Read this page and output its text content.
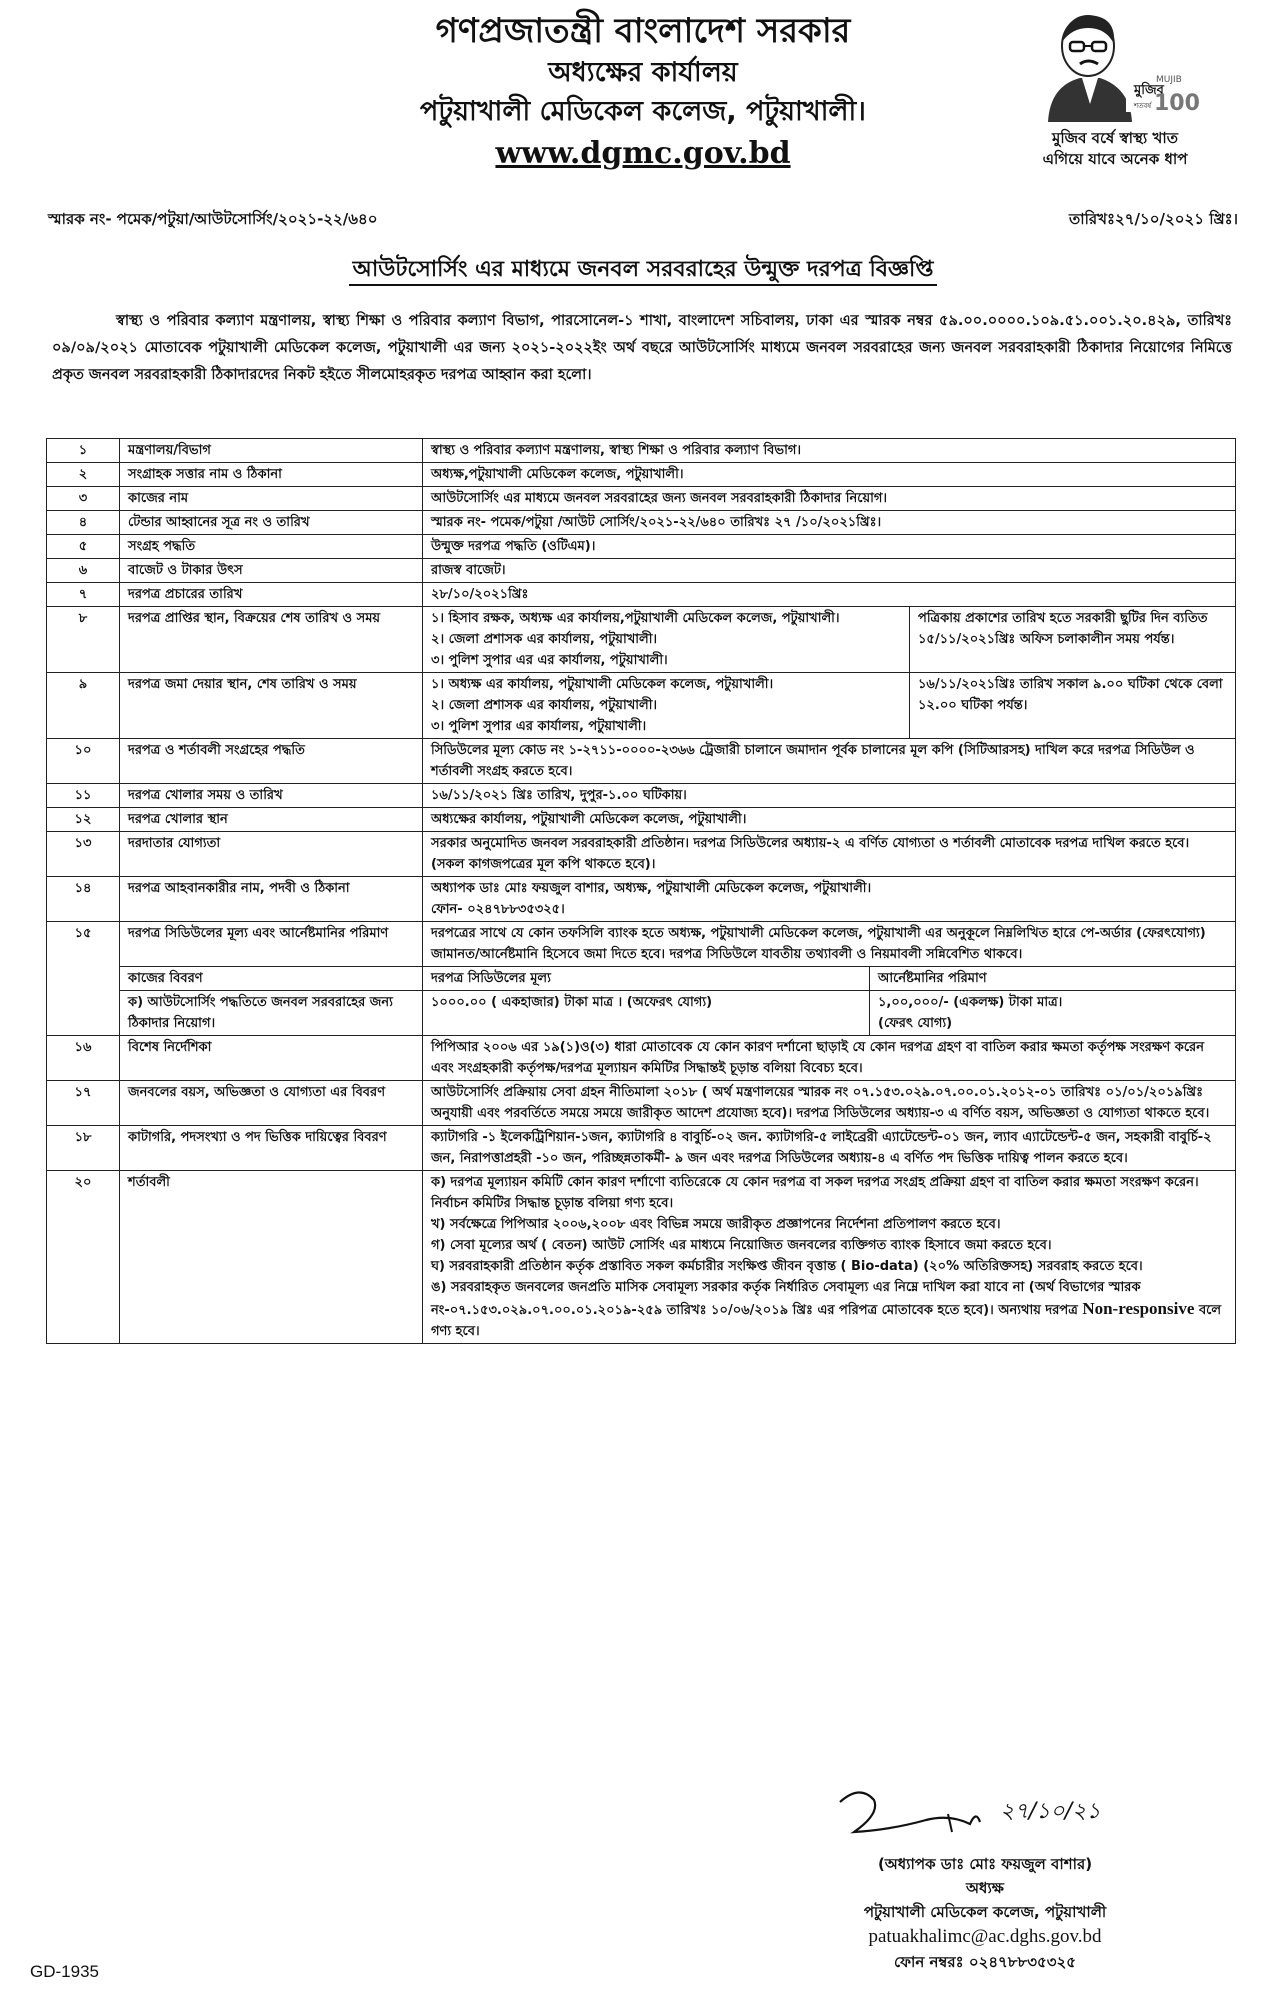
গণপ্রজাতন্ত্রী বাংলাদেশ সরকার
অধ্যক্ষের কার্যালয়
পটুয়াখালী মেডিকেল কলেজ, পটুয়াখালী।
www.dgmc.gov.bd
মুজিব
MUJIB
100
শতবর্ষ
মুজিব বর্ষে স্বাস্থ্য খাত
এগিয়ে যাবে অনেক ধাপ
স্মারক নং- পমেক/পটুয়া/আউটসোর্সিং/২০২১-২২/৬৪০	তারিখঃ২৭/১০/২০২১ খ্রিঃ।
আউটসোর্সিং এর মাধ্যমে জনবল সরবরাহের উন্মুক্ত দরপত্র বিজ্ঞপ্তি
স্বাস্থ্য ও পরিবার কল্যাণ মন্ত্রণালয়, স্বাস্থ্য শিক্ষা ও পরিবার কল্যাণ বিভাগ, পারসোনেল-১ শাখা, বাংলাদেশ সচিবালয়, ঢাকা এর স্মারক নম্বর ৫৯.০০.০০০০.১০৯.৫১.০০১.২০.৪২৯, তারিখঃ ০৯/০৯/২০২১ মোতাবেক পটুয়াখালী মেডিকেল কলেজ, পটুয়াখালী এর জন্য ২০২১-২০২২ইং অর্থ বছরে আউটসোর্সিং মাধ্যমে জনবল সরবরাহের জন্য জনবল সরবরাহকারী ঠিকাদার নিয়োগের নিমিত্তে প্রকৃত জনবল সরবরাহকারী ঠিকাদারদের নিকট হইতে সীলমোহরকৃত দরপত্র আহ্বান করা হলো।
১	মন্ত্রণালয়/বিভাগ	স্বাস্থ্য ও পরিবার কল্যাণ মন্ত্রণালয়, স্বাস্থ্য শিক্ষা ও পরিবার কল্যাণ বিভাগ।
২	সংগ্রাহক সত্তার নাম ও ঠিকানা	অধ্যক্ষ,পটুয়াখালী মেডিকেল কলেজ, পটুয়াখালী।
৩	কাজের নাম	আউটসোর্সিং এর মাধ্যমে জনবল সরবরাহের জন্য জনবল সরবরাহকারী ঠিকাদার নিয়োগ।
৪	টেন্ডার আহ্বানের সূত্র নং ও তারিখ	স্মারক নং- পমেক/পটুয়া /আউট সোর্সিং/২০২১-২২/৬৪০ তারিখঃ ২৭ /১০/২০২১খ্রিঃ।
৫	সংগ্রহ পদ্ধতি	উন্মুক্ত দরপত্র পদ্ধতি (ওটিএম)।
৬	বাজেট ও টাকার উৎস	রাজস্ব বাজেট।
৭	দরপত্র প্রচারের তারিখ	২৮/১০/২০২১খ্রিঃ
৮	দরপত্র প্রাপ্তির স্থান, বিক্রয়ের শেষ তারিখ ও সময়	১। হিসাব রক্ষক, অধ্যক্ষ এর কার্যালয়,পটুয়াখালী মেডিকেল কলেজ, পটুয়াখালী।
২। জেলা প্রশাসক এর কার্যালয়, পটুয়াখালী।
৩। পুলিশ সুপার এর এর কার্যালয়, পটুয়াখালী।
	পত্রিকায় প্রকাশের তারিখ হতে সরকারী ছুটির দিন ব্যতিত ১৫/১১/২০২১খ্রিঃ অফিস চলাকালীন সময় পর্যন্ত।
৯	দরপত্র জমা দেয়ার স্থান, শেষ তারিখ ও সময়	১। অধ্যক্ষ এর কার্যালয়, পটুয়াখালী মেডিকেল কলেজ, পটুয়াখালী।
২। জেলা প্রশাসক এর কার্যালয়, পটুয়াখালী।
৩। পুলিশ সুপার এর কার্যালয়, পটুয়াখালী।
	১৬/১১/২০২১খ্রিঃ তারিখ সকাল ৯.০০ ঘটিকা থেকে বেলা ১২.০০ ঘটিকা পর্যন্ত।
১০	দরপত্র ও শর্তাবলী সংগ্রহের পদ্ধতি	সিডিউলের মূল্য কোড নং ১-২৭১১-০০০০-২৩৬৬ ট্রেজারী চালানে জমাদান পূর্বক চালানের মূল কপি (সিটিআরসহ) দাখিল করে দরপত্র সিডিউল ও শর্তাবলী সংগ্রহ করতে হবে।
১১	দরপত্র খোলার সময় ও তারিখ	১৬/১১/২০২১ খ্রিঃ তারিখ, দুপুর-১.০০ ঘটিকায়।
১২	দরপত্র খোলার স্থান	অধ্যক্ষের কার্যালয়, পটুয়াখালী মেডিকেল কলেজ, পটুয়াখালী।
১৩	দরদাতার যোগ্যতা	সরকার অনুমোদিত জনবল সরবরাহকারী প্রতিষ্ঠান। দরপত্র সিডিউলের অধ্যায়-২ এ বর্ণিত যোগ্যতা ও শর্তাবলী মোতাবেক দরপত্র দাখিল করতে হবে। (সকল কাগজপত্রের মূল কপি থাকতে হবে)।
১৪	দরপত্র আহবানকারীর নাম, পদবী ও ঠিকানা	অধ্যাপক ডাঃ মোঃ ফয়জুল বাশার, অধ্যক্ষ, পটুয়াখালী মেডিকেল কলেজ, পটুয়াখালী।
ফোন- ০২৪৭৮৮৩৫৩২৫।

১৫	দরপত্র সিডিউলের মূল্য এবং আর্নেষ্টমানির পরিমাণ	দরপত্রের সাথে যে কোন তফসিলি ব্যাংক হতে অধ্যক্ষ, পটুয়াখালী মেডিকেল কলেজ, পটুয়াখালী এর অনুকূলে নিম্নলিখিত হারে পে-অর্ডার (ফেরৎযোগ্য) জামানত/আর্নেষ্টমানি হিসেবে জমা দিতে হবে। দরপত্র সিডিউলে যাবতীয় তথ্যাবলী ও নিয়মাবলী সন্নিবেশিত থাকবে।

কাজের বিবরণ	দরপত্র সিডিউলের মূল্য	আর্নেষ্টমানির পরিমাণ
ক) আউটসোর্সিং পদ্ধতিতে জনবল সরবরাহের জন্য ঠিকাদার নিয়োগ।	১০০০.০০ ( একহাজার) টাকা মাত্র । (অফেরৎ যোগ্য)	১,০০,০০০/- (একলক্ষ) টাকা মাত্র।
(ফেরৎ যোগ্য)

১৬	বিশেষ নির্দেশিকা	পিপিআর ২০০৬ এর ১৯(১)ও(৩) ধারা মোতাবেক যে কোন কারণ দর্শানো ছাড়াই যে কোন দরপত্র গ্রহণ বা বাতিল করার ক্ষমতা কর্তৃপক্ষ সংরক্ষণ করেন এবং সংগ্রহকারী কর্তৃপক্ষ/দরপত্র মূল্যায়ন কমিটির সিদ্ধান্তই চূড়ান্ত বলিয়া বিবেচ্য হবে।
১৭	জনবলের বয়স, অভিজ্ঞতা ও যোগ্যতা এর বিবরণ	আউটসোর্সিং প্রক্রিয়ায় সেবা গ্রহন নীতিমালা ২০১৮ ( অর্থ মন্ত্রণালয়ের স্মারক নং ০৭.১৫৩.০২৯.০৭.০০.০১.২০১২-০১ তারিখঃ ০১/০১/২০১৯খ্রিঃ অনুযায়ী এবং পরবর্তিতে সময়ে সময়ে জারীকৃত আদেশ প্রযোজ্য হবে)। দরপত্র সিডিউলের অধ্যায়-৩ এ বর্ণিত বয়স, অভিজ্ঞতা ও যোগ্যতা থাকতে হবে।
১৮	কাটাগরি, পদসংখ্যা ও পদ ভিত্তিক দায়িত্বের বিবরণ	ক্যাটাগরি -১ ইলেকট্রিশিয়ান-১জন, ক্যাটাগরি ৪ বাবুর্চি-০২ জন. ক্যাটাগরি-৫ লাইব্রেরী এ্যাটেন্ডেন্ট-০১ জন, ল্যাব এ্যাটেন্ডেন্ট-৫ জন, সহকারী বাবুর্চি-২ জন, নিরাপত্তাপ্রহরী -১০ জন, পরিচ্ছন্নতাকর্মী- ৯ জন এবং দরপত্র সিডিউলের অধ্যায়-৪ এ বর্ণিত পদ ভিত্তিক দায়িত্ব পালন করতে হবে।
২০	শর্তাবলী	ক) দরপত্র মূল্যায়ন কমিটি কোন কারণ দর্শাণো ব্যতিরেকে যে কোন দরপত্র বা সকল দরপত্র সংগ্রহ প্রক্রিয়া গ্রহণ বা বাতিল করার ক্ষমতা সংরক্ষণ করেন। নির্বাচন কমিটির সিদ্ধান্ত চূড়ান্ত বলিয়া গণ্য হবে।
খ) সর্বক্ষেত্রে পিপিআর ২০০৬,২০০৮ এবং বিভিন্ন সময়ে জারীকৃত প্রজ্ঞাপনের নির্দেশনা প্রতিপালণ করতে হবে।
গ) সেবা মূল্যের অর্থ ( বেতন) আউট সোর্সিং এর মাধ্যমে নিয়োজিত জনবলের ব্যক্তিগত ব্যাংক হিসাবে জমা করতে হবে।
ঘ) সরবরাহকারী প্রতিষ্ঠান কর্তৃক প্রস্তাবিত সকল কর্মচারীর সংক্ষিপ্ত জীবন বৃত্তান্ত ( Bio-data) (২০% অতিরিক্তসহ) সরবরাহ করতে হবে।
ঙ) সরবরাহকৃত জনবলের জনপ্রতি মাসিক সেবামূল্য সরকার কর্তৃক নির্ধারিত সেবামূল্য এর নিম্নে দাখিল করা যাবে না (অর্থ বিভাগের স্মারক নং-০৭.১৫৩.০২৯.০৭.০০.০১.২০১৯-২৫৯ তারিখঃ ১০/০৬/২০১৯ খ্রিঃ এর পরিপত্র মোতাবেক হতে হবে)। অন্যথায় দরপত্র Non-responsive বলে গণ্য হবে।
২৭/১০/২১
(অধ্যাপক ডাঃ মোঃ ফয়জুল বাশার)
অধ্যক্ষ
পটুয়াখালী মেডিকেল কলেজ, পটুয়াখালী
patuakhalimc@ac.dghs.gov.bd
ফোন নম্বরঃ ০২৪৭৮৮৩৫৩২৫
GD-1935
